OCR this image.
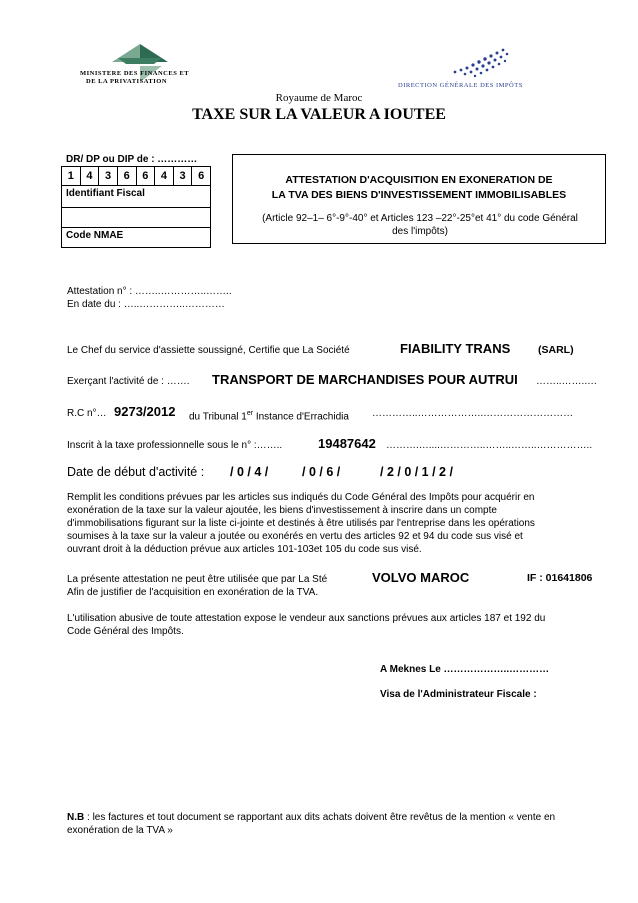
MINISTERE DES FINANCES ET
DE LA PRIVATISATION
DIRECTION GÉNÉRALE DES IMPÔTS
Royaume de Maroc
TAXE SUR LA VALEUR A IOUTEE
DR/ DP ou DIP de : …………
1	4	3	6	6	4	3	6
Identifiant Fiscal
Code NMAE
ATTESTATION D'ACQUISITION EN EXONERATION DE
LA TVA DES BIENS D'INVESTISSEMENT IMMOBILISABLES
(Article 92–1– 6°-9°-40° et Articles 123 –22°-25°et 41° du code Général
des l'impôts)
Attestation n° : ……..…………..……..
En date du : …..…………..…………
Le Chef du service d'assiette soussigné, Certifie que La Société	FIABILITY TRANS	(SARL)
Exerçant l'activité de : ……. TRANSPORT DE MARCHANDISES POUR AUTRUI ……..……..…
R.C n°… 9273/2012 du Tribunal 1er Instance d'Errachidia …………..………………..………………………
Inscrit à la taxe professionnelle sous le n° :……..	19487642 ……….…....…………..……..……..……………..
Date de début d'activité : / 0 / 4 /	/ 0 / 6 /	/ 2 / 0 / 1 / 2 /
Remplit les conditions prévues par les articles sus indiqués du Code Général des Impôts pour acquérir en
exonération de la taxe sur la valeur ajoutée, les biens d'investissement à inscrire dans un compte
d'immobilisations figurant sur la liste ci-jointe et destinés à être utilisés par l'entreprise dans les opérations
soumises à la taxe sur la valeur a joutée ou exonérés en vertu des articles 92 et 94 du code sus visé et
ouvrant droit à la déduction prévue aux articles 101-103et 105 du code sus visé.
La présente attestation ne peut être utilisée que par La Sté	VOLVO MAROC	IF : 01641806
Afin de justifier de l'acquisition en exonération de la TVA.
L'utilisation abusive de toute attestation expose le vendeur aux sanctions prévues aux articles 187 et 192 du
Code Général des Impôts.
A Meknes Le ………………..…………
Visa de l'Administrateur Fiscale :
N.B : les factures et tout document se rapportant aux dits achats doivent être revêtus de la mention « vente en
exonération de la TVA »
